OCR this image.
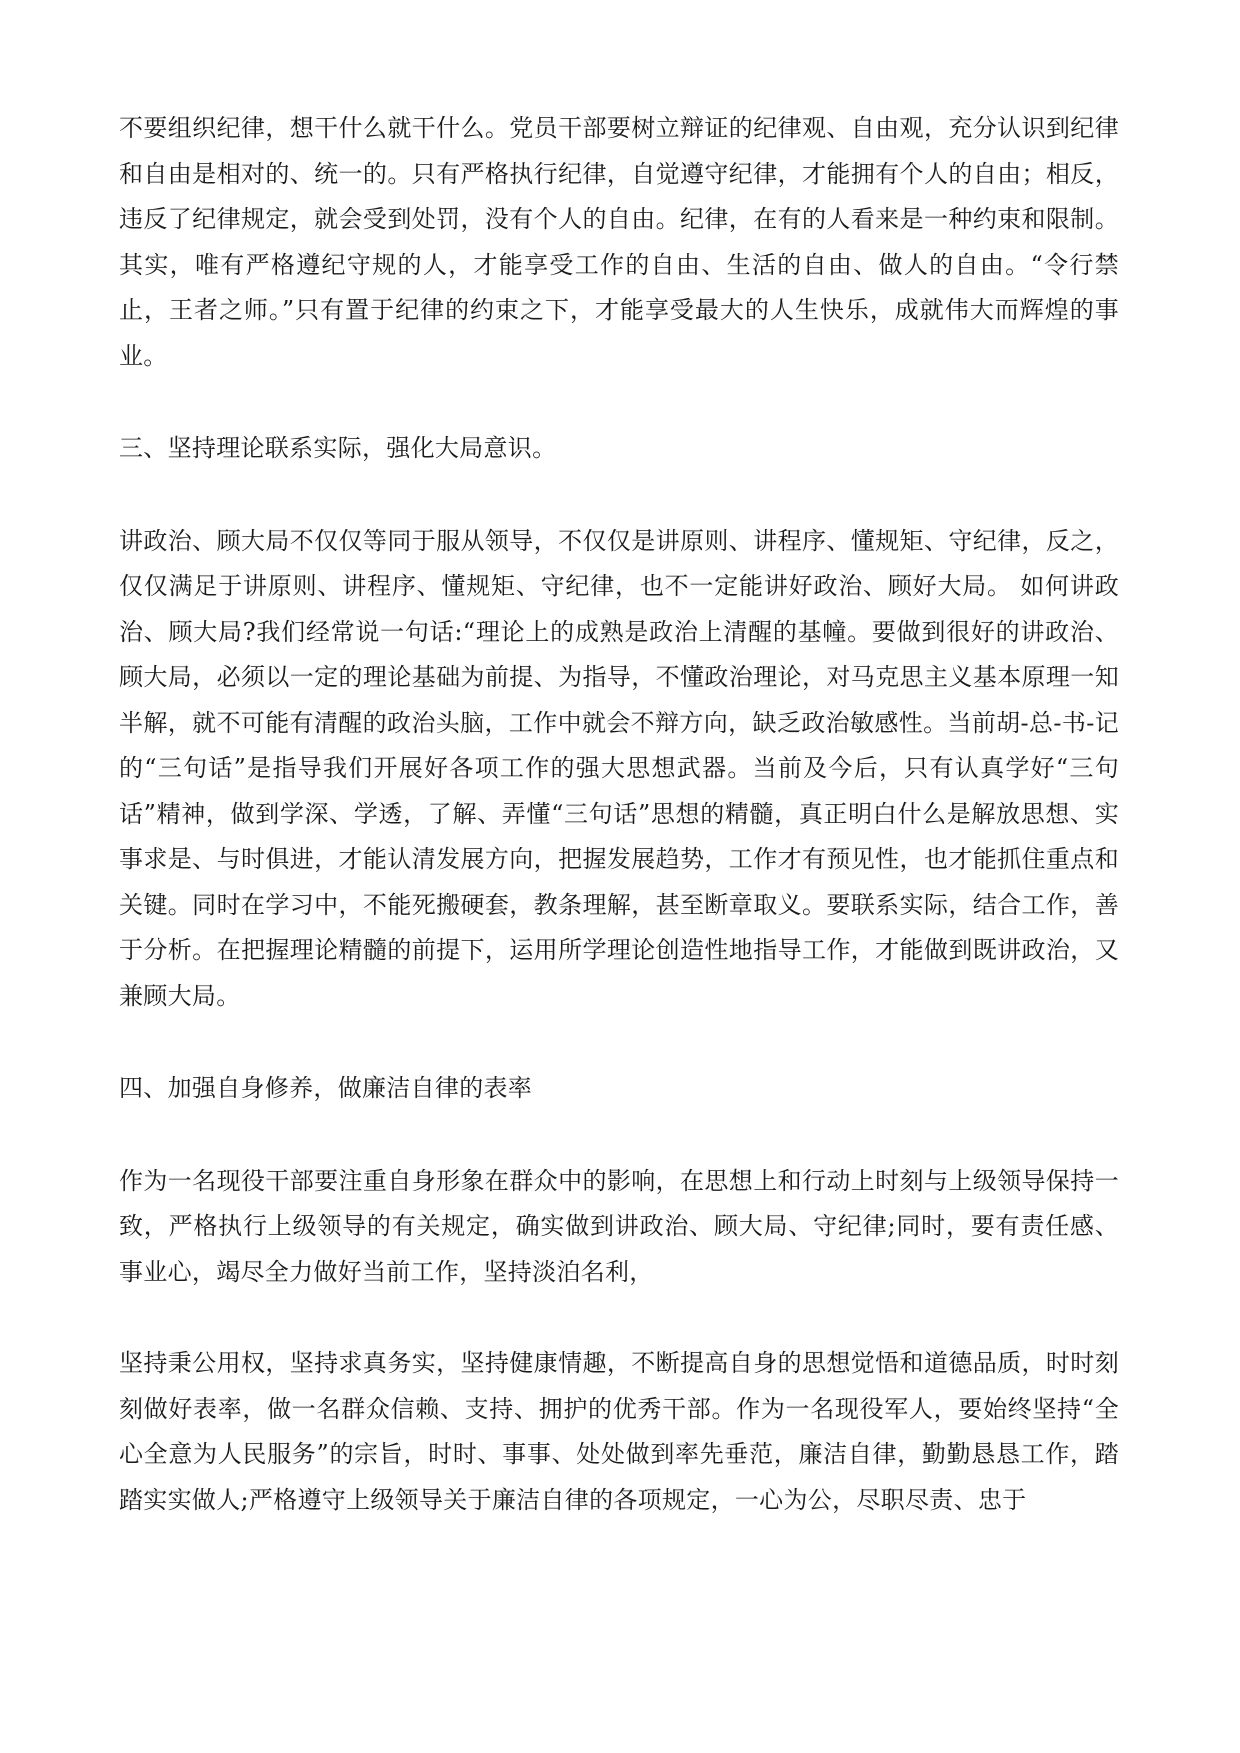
不要组织纪律，想干什么就干什么。党员干部要树立辩证的纪律观、自由观，充分认识到纪律和自由是相对的、统一的。只有严格执行纪律，自觉遵守纪律，才能拥有个人的自由；相反，违反了纪律规定，就会受到处罚，没有个人的自由。纪律，在有的人看来是一种约束和限制。其实，唯有严格遵纪守规的人，才能享受工作的自由、生活的自由、做人的自由。“令行禁止，王者之师。”只有置于纪律的约束之下，才能享受最大的人生快乐，成就伟大而辉煌的事业。

三、坚持理论联系实际，强化大局意识。

讲政治、顾大局不仅仅等同于服从领导，不仅仅是讲原则、讲程序、懂规矩、守纪律，反之，仅仅满足于讲原则、讲程序、懂规矩、守纪律，也不一定能讲好政治、顾好大局。 如何讲政治、顾大局?我们经常说一句话:“理论上的成熟是政治上清醒的基幢。要做到很好的讲政治、顾大局，必须以一定的理论基础为前提、为指导，不懂政治理论，对马克思主义基本原理一知半解，就不可能有清醒的政治头脑，工作中就会不辩方向，缺乏政治敏感性。当前胡-总-书-记的“三句话”是指导我们开展好各项工作的强大思想武器。当前及今后，只有认真学好“三句话”精神，做到学深、学透，了解、弄懂“三句话”思想的精髓，真正明白什么是解放思想、实事求是、与时俱进，才能认清发展方向，把握发展趋势，工作才有预见性，也才能抓住重点和关键。同时在学习中，不能死搬硬套，教条理解，甚至断章取义。要联系实际，结合工作，善于分析。在把握理论精髓的前提下，运用所学理论创造性地指导工作，才能做到既讲政治，又兼顾大局。

四、加强自身修养，做廉洁自律的表率

作为一名现役干部要注重自身形象在群众中的影响，在思想上和行动上时刻与上级领导保持一致，严格执行上级领导的有关规定，确实做到讲政治、顾大局、守纪律;同时，要有责任感、事业心，竭尽全力做好当前工作，坚持淡泊名利，

坚持秉公用权，坚持求真务实，坚持健康情趣，不断提高自身的思想觉悟和道德品质，时时刻刻做好表率，做一名群众信赖、支持、拥护的优秀干部。作为一名现役军人，要始终坚持“全心全意为人民服务”的宗旨，时时、事事、处处做到率先垂范，廉洁自律，勤勤恳恳工作，踏踏实实做人;严格遵守上级领导关于廉洁自律的各项规定，一心为公，尽职尽责、忠于
